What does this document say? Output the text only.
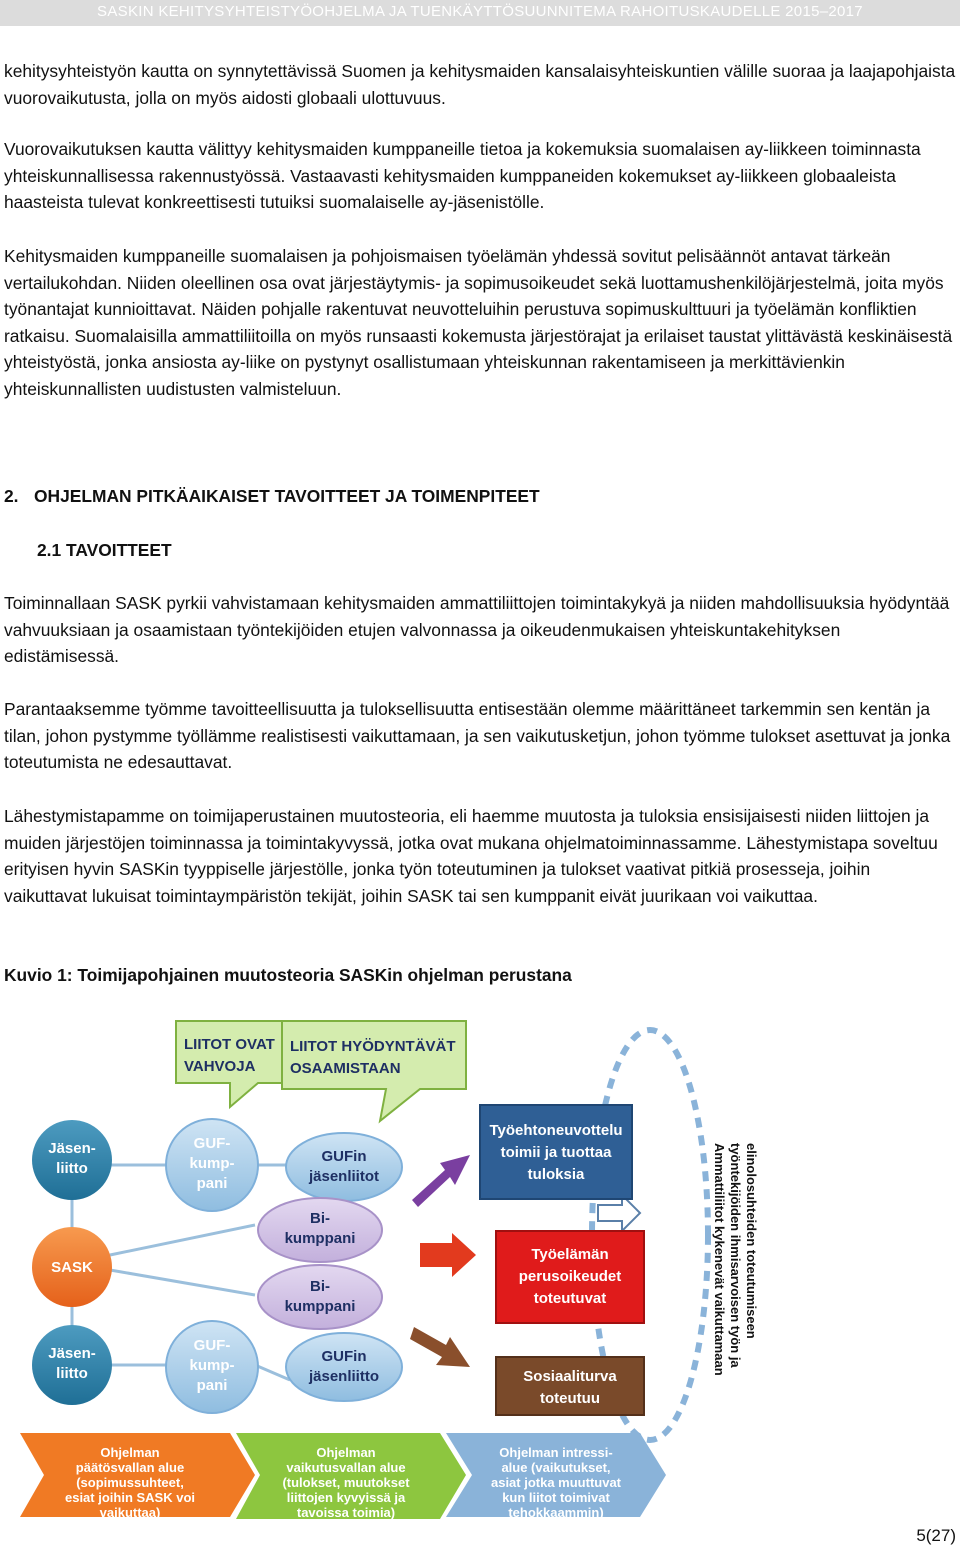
SASKIN KEHITYSYHTEISTYÖOHJELMA JA TUENKÄYTTÖSUUNNITEMA RAHOITUSKAUDELLE 2015–2017

kehitysyhteistyön kautta on synnytettävissä Suomen ja kehitysmaiden kansalaisyhteiskuntien välille suoraa ja laajapohjaista vuorovaikutusta, jolla on myös aidosti globaali ulottuvuus.

Vuorovaikutuksen kautta välittyy kehitysmaiden kumppaneille tietoa ja kokemuksia suomalaisen ay-liikkeen toiminnasta yhteiskunnallisessa rakennustyössä. Vastaavasti kehitysmaiden kumppaneiden kokemukset ay-liikkeen globaaleista haasteista tulevat konkreettisesti tutuiksi suomalaiselle ay-jäsenistölle.

Kehitysmaiden kumppaneille suomalaisen ja pohjoismaisen työelämän yhdessä sovitut pelisäännöt antavat tärkeän vertailukohdan. Niiden oleellinen osa ovat järjestäytymis- ja sopimusoikeudet sekä luottamushenkilöjärjestelmä, joita myös työnantajat kunnioittavat. Näiden pohjalle rakentuvat neuvotteluihin perustuva sopimuskulttuuri ja työelämän konfliktien ratkaisu. Suomalaisilla ammattiliitoilla on myös runsaasti kokemusta järjestörajat ja erilaiset taustat ylittävästä keskinäisestä yhteistyöstä, jonka ansiosta ay-liike on pystynyt osallistumaan yhteiskunnan rakentamiseen ja merkittävienkin yhteiskunnallisten uudistusten valmisteluun.

2. OHJELMAN PITKÄAIKAISET TAVOITTEET JA TOIMENPITEET
2.1 TAVOITTEET

Toiminnallaan SASK pyrkii vahvistamaan kehitysmaiden ammattiliittojen toimintakykyä ja niiden mahdollisuuksia hyödyntää vahvuuksiaan ja osaamistaan työntekijöiden etujen valvonnassa ja oikeudenmukaisen yhteiskuntakehityksen edistämisessä.

Parantaaksemme työmme tavoitteellisuutta ja tuloksellisuutta entisestään olemme määrittäneet tarkemmin sen kentän ja tilan, johon pystymme työllämme realistisesti vaikuttamaan, ja sen vaikutusketjun, johon työmme tulokset asettuvat ja jonka toteutumista ne edesauttavat.

Lähestymistapamme on toimijaperustainen muutosteoria, eli haemme muutosta ja tuloksia ensisijaisesti niiden liittojen ja muiden järjestöjen toiminnassa ja toimintakyvyssä, jotka ovat mukana ohjelmatoiminnassamme. Lähestymistapa soveltuu erityisen hyvin SASKin tyyppiselle järjestölle, jonka työn toteutuminen ja tulokset vaativat pitkiä prosesseja, joihin vaikuttavat lukuisat toimintaympäristön tekijät, joihin SASK tai sen kumppanit eivät juurikaan voi vaikuttaa.

Kuvio 1: Toimijapohjainen muutosteoria SASKin ohjelman perustana

LIITOT OVAT
VAHVOJA
LIITOT HYÖDYNTÄVÄT
OSAAMISTAAN
Jäsen-
liitto
SASK
Jäsen-
liitto
GUF-
kump-
pani
GUF-
kump-
pani
GUFin
jäsenliitot
Bi-
kumppani
Bi-
kumppani
GUFin
jäsenliitto
Työehtoneuvottelu
toimii ja tuottaa
tuloksia
Työelämän
perusoikeudet
toteutuvat
Sosiaaliturva
toteutuu
Ammattiliitot kykenevät vaikuttamaan työntekijöiden ihmisarvoisen työn ja elinolosuhteiden toteutumiseen
Ohjelman
päätösvallan alue
(sopimussuhteet,
esiat joihin SASK voi
vaikuttaa)
Ohjelman
vaikutusvallan alue
(tulokset, muutokset
liittojen kyvyissä ja
tavoissa toimia)
Ohjelman intressi-
alue (vaikutukset,
asiat jotka muuttuvat
kun liitot toimivat
tehokkaammin)
5(27)
